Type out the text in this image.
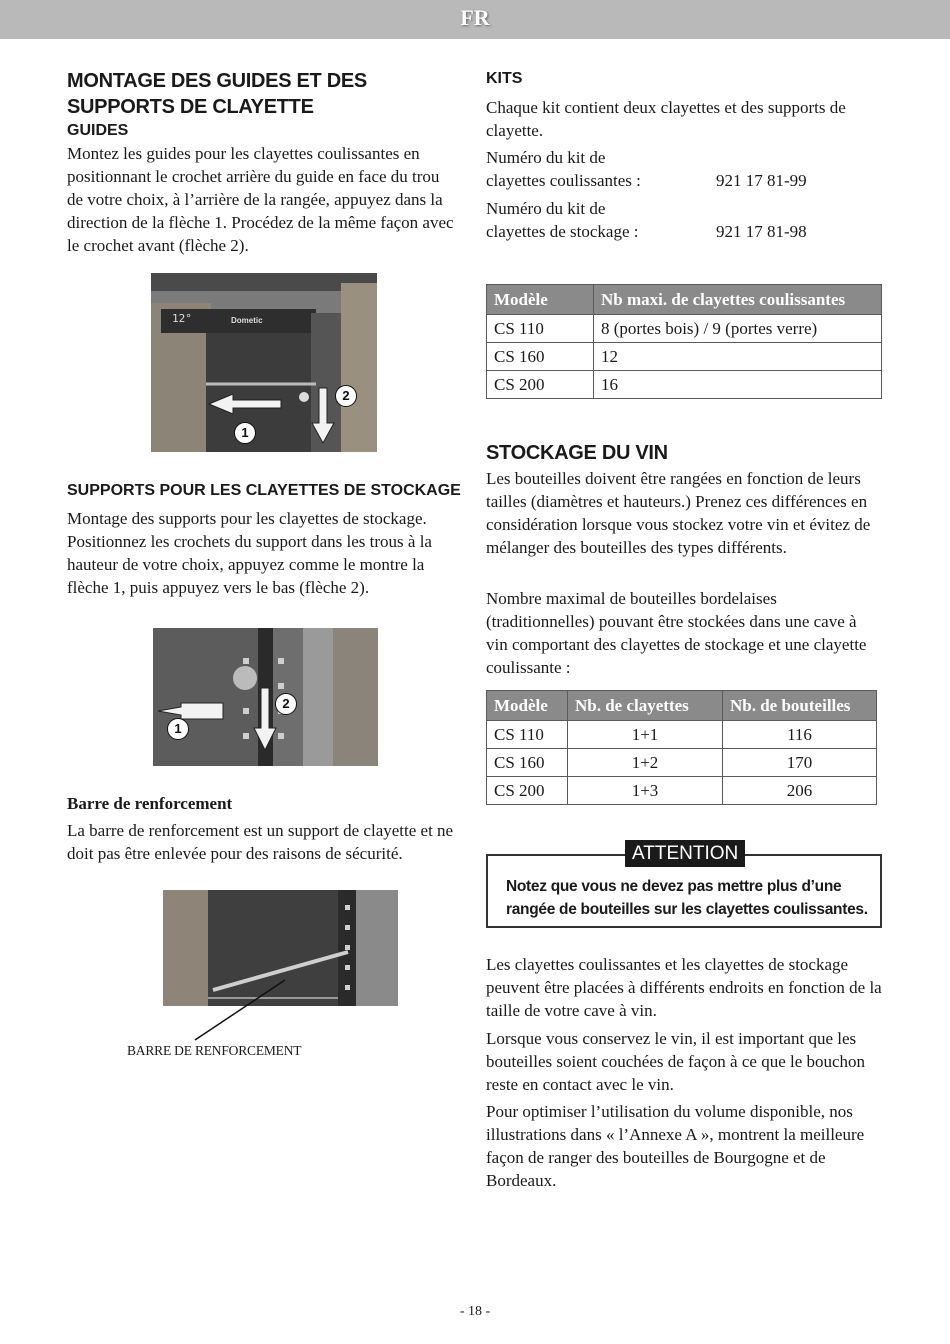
FR
MONTAGE DES GUIDES ET DES SUPPORTS DE CLAYETTE
GUIDES

Montez les guides pour les clayettes coulissantes en positionnant le crochet arrière du guide en face du trou de votre choix, à l’arrière de la rangée, appuyez dans la direction de la flèche 1. Procédez de la même façon avec le crochet avant (flèche 2).

12°	Dometic
1
2
SUPPORTS POUR LES CLAYETTES DE STOCKAGE

Montage des supports pour les clayettes de stockage. Positionnez les crochets du support dans les trous à la hauteur de votre choix, appuyez comme le montre la flèche 1, puis appuyez vers le bas (flèche 2).

1
2
Barre de renforcement

La barre de renforcement est un support de clayette et ne doit pas être enlevée pour des raisons de sécurité.

BARRE DE RENFORCEMENT
KITS

Chaque kit contient deux clayettes et des supports de clayette.

Numéro du kit de

clayettes coulissantes :	921 17 81-99

Numéro du kit de

clayettes de stockage :	921 17 81-98

Modèle	Nb maxi. de clayettes coulissantes
CS 110	8 (portes bois) / 9 (portes verre)
CS 160	12
CS 200	16
STOCKAGE DU VIN

Les bouteilles doivent être rangées en fonction de leurs tailles (diamètres et hauteurs.) Prenez ces différences en considération lorsque vous stockez votre vin et évitez de mélanger des bouteilles des types différents.

Nombre maximal de bouteilles bordelaises (traditionnelles) pouvant être stockées dans une cave à vin comportant des clayettes de stockage et une clayette coulissante :

Modèle	Nb. de clayettes	Nb. de bouteilles
CS 110	1+1	116
CS 160	1+2	170
CS 200	1+3	206
ATTENTION
Notez que vous ne devez pas mettre plus d’une rangée de bouteilles sur les clayettes coulissantes.

Les clayettes coulissantes et les clayettes de stockage peuvent être placées à différents endroits en fonction de la taille de votre cave à vin.

Lorsque vous conservez le vin, il est important que les bouteilles soient couchées de façon à ce que le bouchon reste en contact avec le vin.

Pour optimiser l’utilisation du volume disponible, nos illustrations dans « l’Annexe A », montrent la meilleure façon de ranger des bouteilles de Bourgogne et de Bordeaux.

- 18 -
